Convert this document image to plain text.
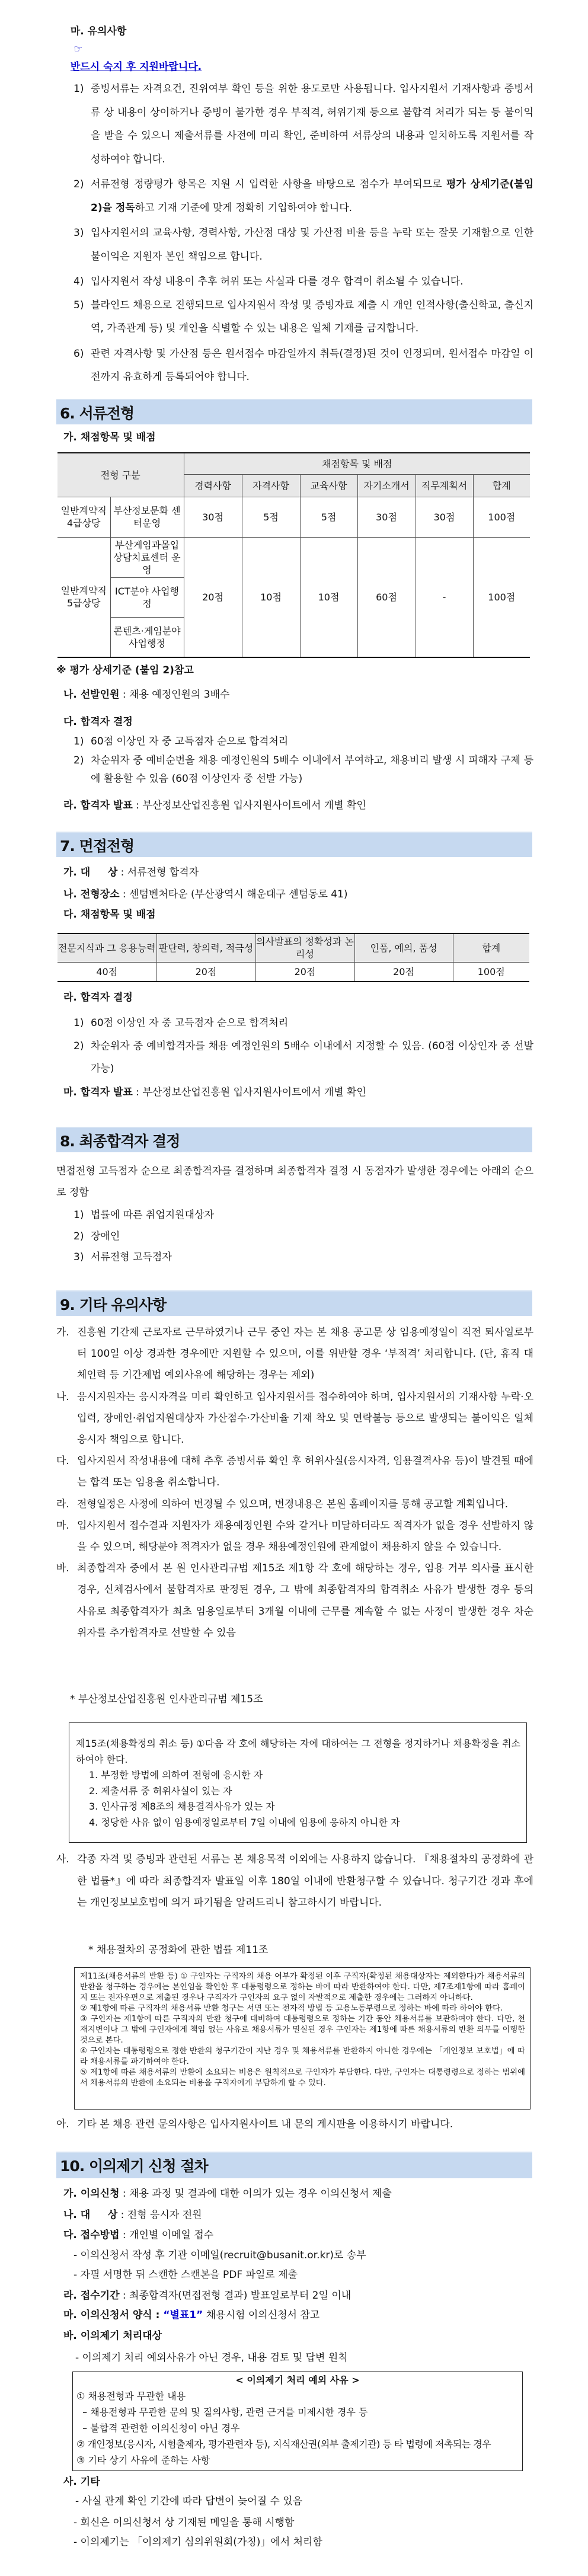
마. 유의사항
☞
반드시 숙지 후 지원바랍니다.

1) 증빙서류는 자격요건, 진위여부 확인 등을 위한 용도로만 사용됩니다. 입사지원서 기재사항과 증빙서류 상 내용이 상이하거나 증빙이 불가한 경우 부적격, 허위기재 등으로 불합격 처리가 되는 등 불이익을 받을 수 있으니 제출서류를 사전에 미리 확인, 준비하여 서류상의 내용과 일치하도록 지원서를 작성하여야 합니다.
2) 서류전형 정량평가 항목은 지원 시 입력한 사항을 바탕으로 점수가 부여되므로 평가 상세기준(붙임 2)을 정독하고 기재 기준에 맞게 정확히 기입하여야 합니다.
3) 입사지원서의 교육사항, 경력사항, 가산점 대상 및 가산점 비율 등을 누락 또는 잘못 기재함으로 인한 불이익은 지원자 본인 책임으로 합니다.
4) 입사지원서 작성 내용이 추후 허위 또는 사실과 다를 경우 합격이 취소될 수 있습니다.
5) 블라인드 채용으로 진행되므로 입사지원서 작성 및 증빙자료 제출 시 개인 인적사항(출신학교, 출신지역, 가족관계 등) 및 개인을 식별할 수 있는 내용은 일체 기재를 금지합니다.
6) 관련 자격사항 및 가산점 등은 원서접수 마감일까지 취득(결정)된 것이 인정되며, 원서접수 마감일 이전까지 유효하게 등록되어야 합니다.
6. 서류전형
가. 채점항목 및 배점
전형 구분		채점항목 및 배점					
		경력사항	자격사항	교육사항	자기소개서	직무계획서	합계
일반계약직 4급상당	부산정보문화 센터운영	30점	5점	5점	30점	30점	100점
일반계약직 5급상당	부산게임과몰입 상담치료센터 운영	20점	10점	10점	60점	-	100점
	ICT분야 사업행정						
	콘텐츠·게임분야 사업행정						
※ 평가 상세기준 (붙임 2)참고
나. 선발인원 : 채용 예정인원의 3배수
다. 합격자 결정
1) 60점 이상인 자 중 고득점자 순으로 합격처리
2) 차순위자 중 예비순번을 채용 예정인원의 5배수 이내에서 부여하고, 채용비리 발생 시 피해자 구제 등에 활용할 수 있음 (60점 이상인자 중 선발 가능)
라. 합격자 발표 : 부산정보산업진흥원 입사지원사이트에서 개별 확인
7. 면접전형
가. 대     상 : 서류전형 합격자
나. 전형장소 : 센텀벤처타운 (부산광역시 해운대구 센텀동로 41)
다. 채점항목 및 배점
전문지식과 그 응용능력	판단력, 창의력, 적극성	의사발표의 정확성과 논리성	인품, 예의, 품성	합계
40점	20점	20점	20점	100점
라. 합격자 결정
1) 60점 이상인 자 중 고득점자 순으로 합격처리
2) 차순위자 중 예비합격자를 채용 예정인원의 5배수 이내에서 지정할 수 있음. (60점 이상인자 중 선발 가능)
마. 합격자 발표 : 부산정보산업진흥원 입사지원사이트에서 개별 확인
8. 최종합격자 결정
면접전형 고득점자 순으로 최종합격자를 결정하며 최종합격자 결정 시 동점자가 발생한 경우에는 아래의 순으로 정함
1) 법률에 따른 취업지원대상자
2) 장애인
3) 서류전형 고득점자
9. 기타 유의사항
가. 진흥원 기간제 근로자로 근무하였거나 근무 중인 자는 본 채용 공고문 상 임용예정일이 직전 퇴사일로부터 100일 이상 경과한 경우에만 지원할 수 있으며, 이를 위반할 경우 ‘부적격’ 처리합니다. (단, 휴직 대체인력 등 기간제법 예외사유에 해당하는 경우는 제외)
나. 응시지원자는 응시자격을 미리 확인하고 입사지원서를 접수하여야 하며, 입사지원서의 기재사항 누락·오입력, 장애인·취업지원대상자 가산점수·가산비율 기재 착오 및 연락불능 등으로 발생되는 불이익은 일체 응시자 책임으로 합니다.
다. 입사지원서 작성내용에 대해 추후 증빙서류 확인 후 허위사실(응시자격, 임용결격사유 등)이 발견될 때에는 합격 또는 임용을 취소합니다.
라. 전형일정은 사정에 의하여 변경될 수 있으며, 변경내용은 본원 홈페이지를 통해 공고할 계획입니다.
마. 입사지원서 접수결과 지원자가 채용예정인원 수와 같거나 미달하더라도 적격자가 없을 경우 선발하지 않을 수 있으며, 해당분야 적격자가 없을 경우 채용예정인원에 관계없이 채용하지 않을 수 있습니다.
바. 최종합격자 중에서 본 원 인사관리규범 제15조 제1항 각 호에 해당하는 경우, 임용 거부 의사를 표시한 경우, 신체검사에서 불합격자로 판정된 경우, 그 밖에 최종합격자의 합격취소 사유가 발생한 경우 등의 사유로 최종합격자가 최초 임용일로부터 3개월 이내에 근무를 계속할 수 없는 사정이 발생한 경우 차순위자를 추가합격자로 선발할 수 있음
* 부산정보산업진흥원 인사관리규범 제15조
제15조(채용확정의 취소 등) ①다음 각 호에 해당하는 자에 대하여는 그 전형을 정지하거나 채용확정을 취소하여야 한다.
1. 부정한 방법에 의하여 전형에 응시한 자
2. 제출서류 중 허위사실이 있는 자
3. 인사규정 제8조의 채용결격사유가 있는 자
4. 정당한 사유 없이 임용예정일로부터 7일 이내에 임용에 응하지 아니한 자
사. 각종 자격 및 증빙과 관련된 서류는 본 채용목적 이외에는 사용하지 않습니다. 『채용절차의 공정화에 관한 법률*』에 따라 최종합격자 발표일 이후 180일 이내에 반환청구할 수 있습니다. 청구기간 경과 후에는 개인정보보호법에 의거 파기됨을 알려드리니 참고하시기 바랍니다.
* 채용절차의 공정화에 관한 법률 제11조
제11조(채용서류의 반환 등) ① 구인자는 구직자의 채용 여부가 확정된 이후 구직자(확정된 채용대상자는 제외한다)가 채용서류의 반환을 청구하는 경우에는 본인임을 확인한 후 대통령령으로 정하는 바에 따라 반환하여야 한다. 다만, 제7조제1항에 따라 홈페이지 또는 전자우편으로 제출된 경우나 구직자가 구인자의 요구 없이 자발적으로 제출한 경우에는 그러하지 아니하다.
② 제1항에 따른 구직자의 채용서류 반환 청구는 서면 또는 전자적 방법 등 고용노동부령으로 정하는 바에 따라 하여야 한다.
③ 구인자는 제1항에 따른 구직자의 반환 청구에 대비하여 대통령령으로 정하는 기간 동안 채용서류를 보관하여야 한다. 다만, 천재지변이나 그 밖에 구인자에게 책임 없는 사유로 채용서류가 멸실된 경우 구인자는 제1항에 따른 채용서류의 반환 의무를 이행한 것으로 본다.
④ 구인자는 대통령령으로 정한 반환의 청구기간이 지난 경우 및 채용서류를 반환하지 아니한 경우에는 「개인정보 보호법」에 따라 채용서류를 파기하여야 한다.
⑤ 제1항에 따른 채용서류의 반환에 소요되는 비용은 원칙적으로 구인자가 부담한다. 다만, 구인자는 대통령령으로 정하는 범위에서 채용서류의 반환에 소요되는 비용을 구직자에게 부담하게 할 수 있다.
아. 기타 본 채용 관련 문의사항은 입사지원사이트 내 문의 게시판을 이용하시기 바랍니다.
10. 이의제기 신청 절차
가. 이의신청 : 채용 과정 및 결과에 대한 이의가 있는 경우 이의신청서 제출
나. 대     상 : 전형 응시자 전원
다. 접수방법 : 개인별 이메일 접수
- 이의신청서 작성 후 기관 이메일(recruit@busanit.or.kr)로 송부
- 자필 서명한 뒤 스캔한 스캔본을 PDF 파일로 제출
라. 접수기간 : 최종합격자(면접전형 결과) 발표일로부터 2일 이내
마. 이의신청서 양식 : “별표1” 채용시험 이의신청서 참고
바. 이의제기 처리대상
- 이의제기 처리 예외사유가 아닌 경우, 내용 검토 및 답변 원칙
< 이의제기 처리 예외 사유 >
① 채용전형과 무관한 내용
– 채용전형과 무관한 문의 및 질의사항, 관련 근거를 미제시한 경우 등
– 불합격 관련한 이의신청이 아닌 경우
② 개인정보(응시자, 시험출제자, 평가관련자 등), 지식재산권(외부 출제기관) 등 타 법령에 저촉되는 경우
③ 기타 상기 사유에 준하는 사항
사. 기타
- 사실 관계 확인 기간에 따라 답변이 늦어질 수 있음
- 회신은 이의신청서 상 기재된 메일을 통해 시행함
- 이의제기는 「이의제기 심의위원회(가칭)」에서 처리함
